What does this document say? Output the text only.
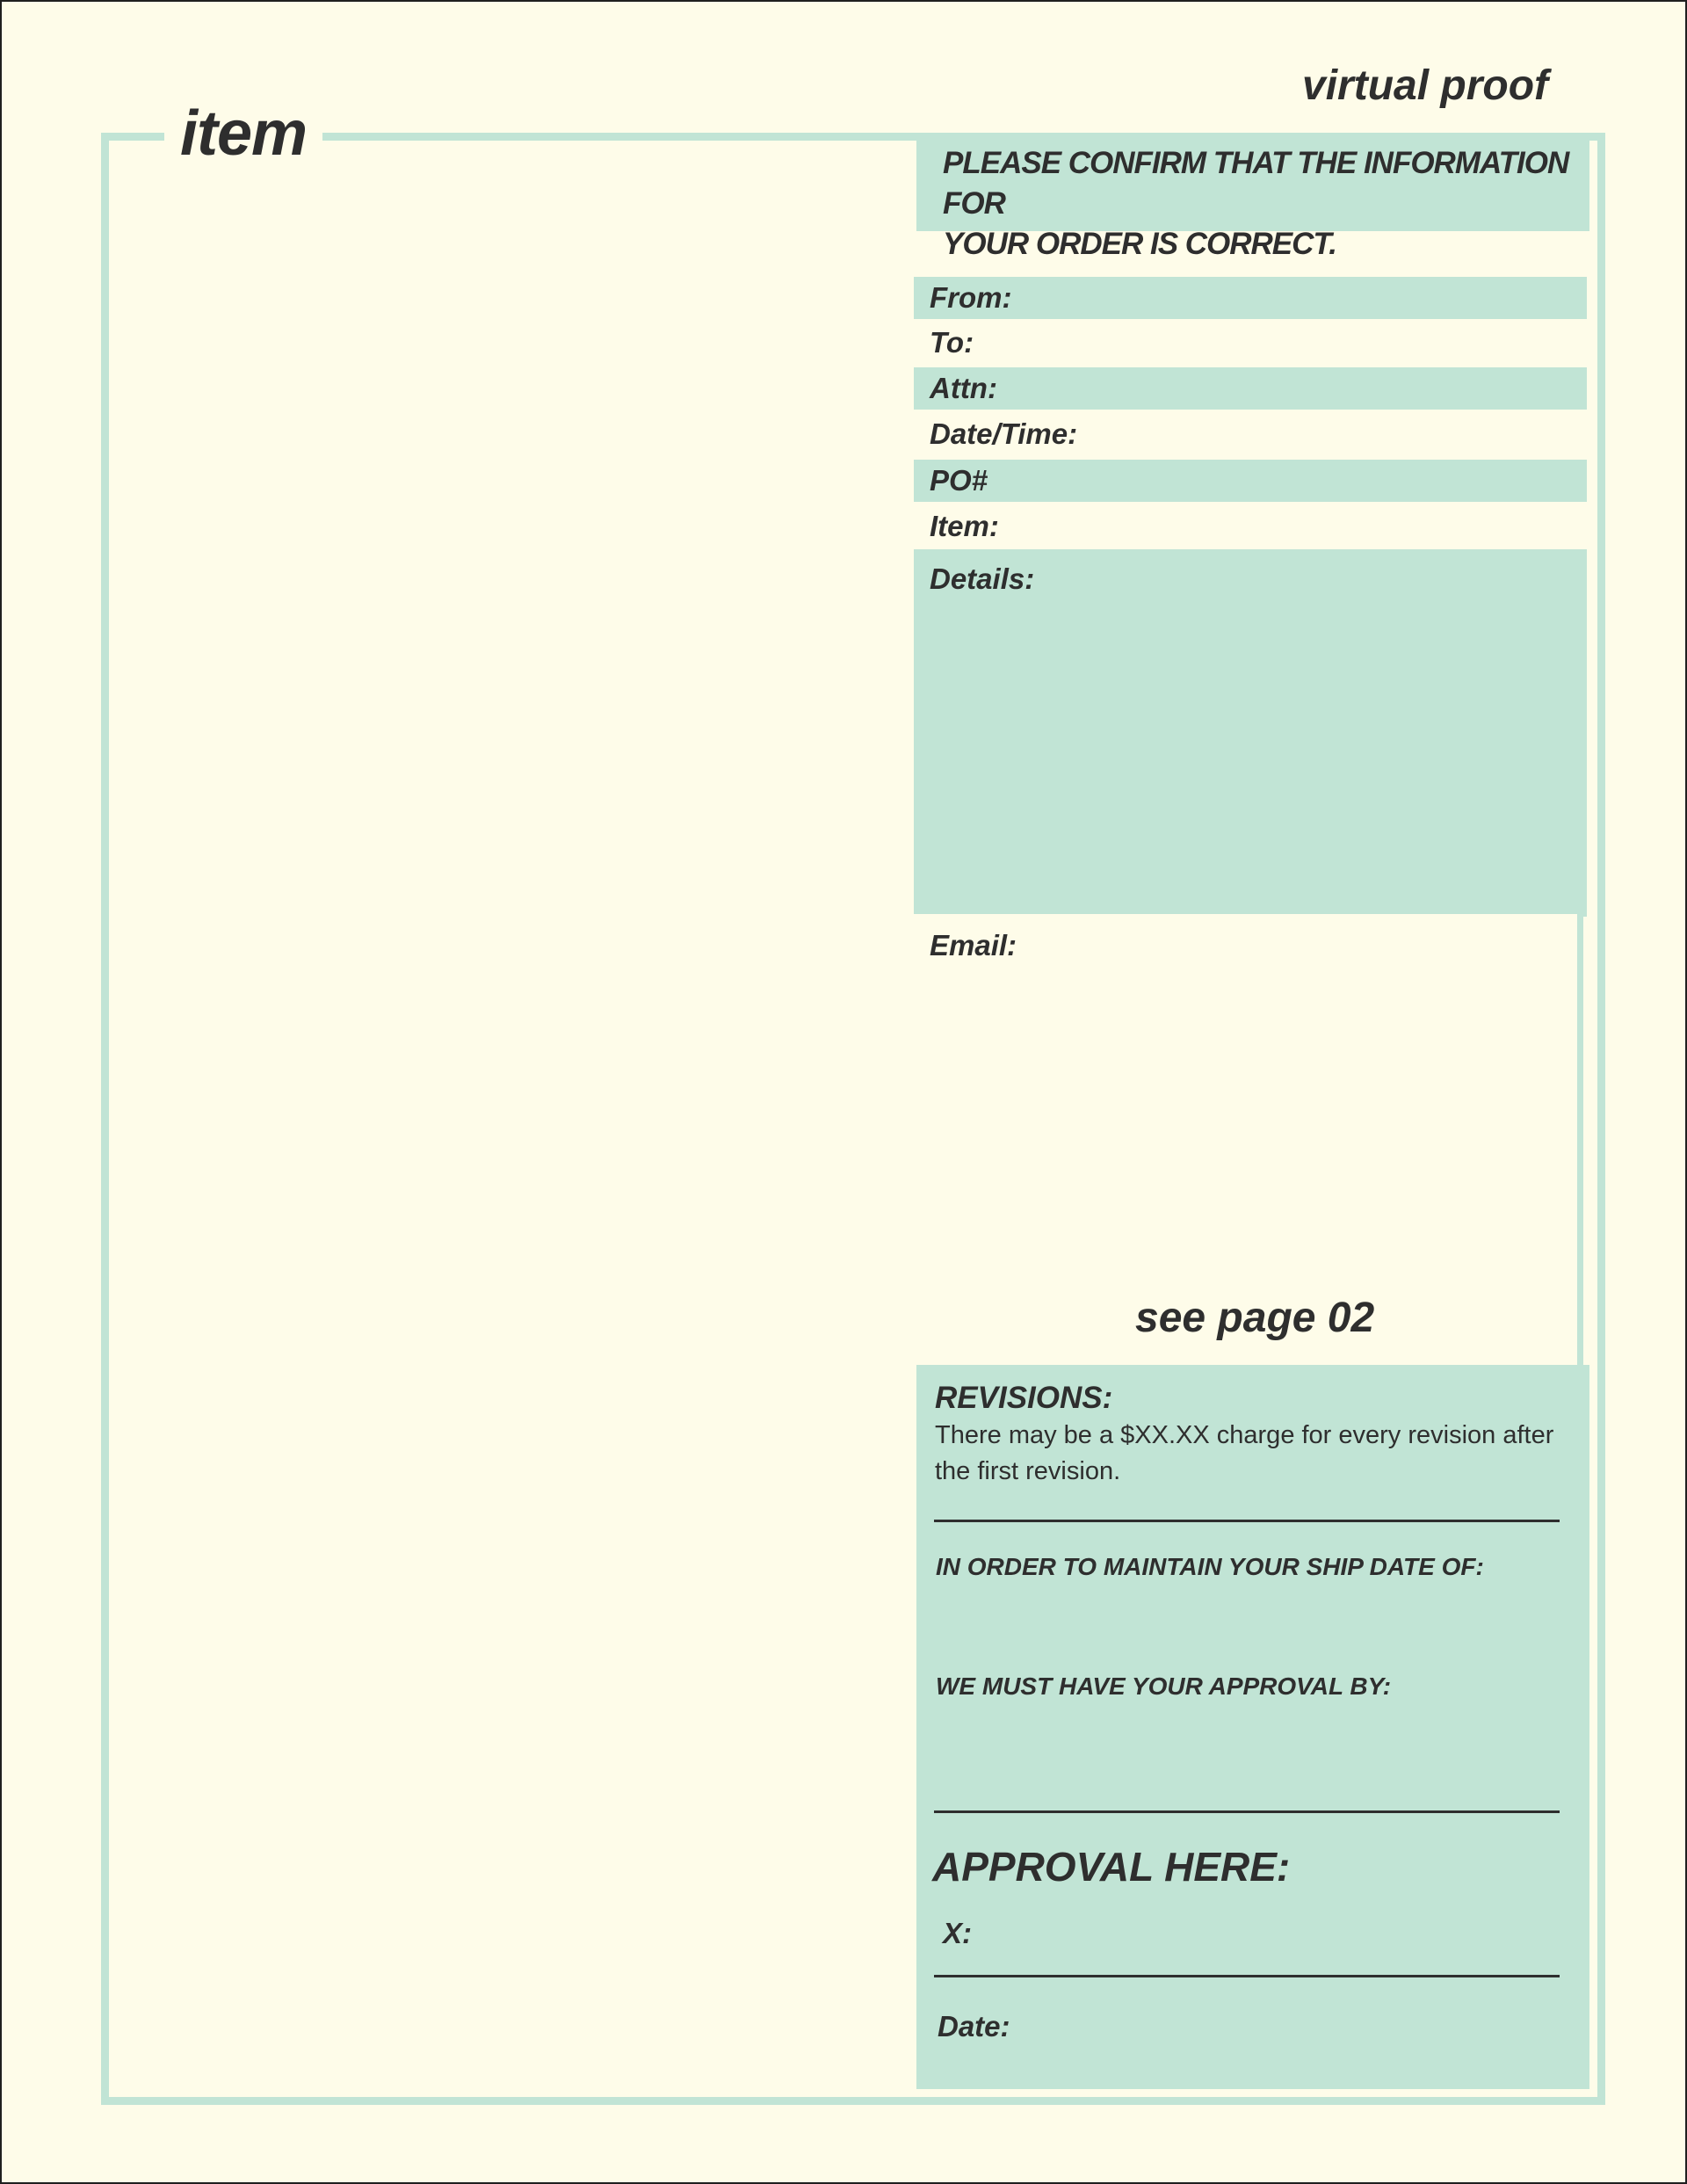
virtual proof
item	PLEASE CONFIRM THAT THE INFORMATION FOR
YOUR ORDER IS CORRECT.
From:
To:
Attn:
Date/Time:
PO#
Item:
Details:
Email:
see page 02
REVISIONS:
There may be a $XX.XX charge for every revision after the first revision.
IN ORDER TO MAINTAIN YOUR SHIP DATE OF:
WE MUST HAVE YOUR APPROVAL BY:
APPROVAL HERE:
X:
Date:
